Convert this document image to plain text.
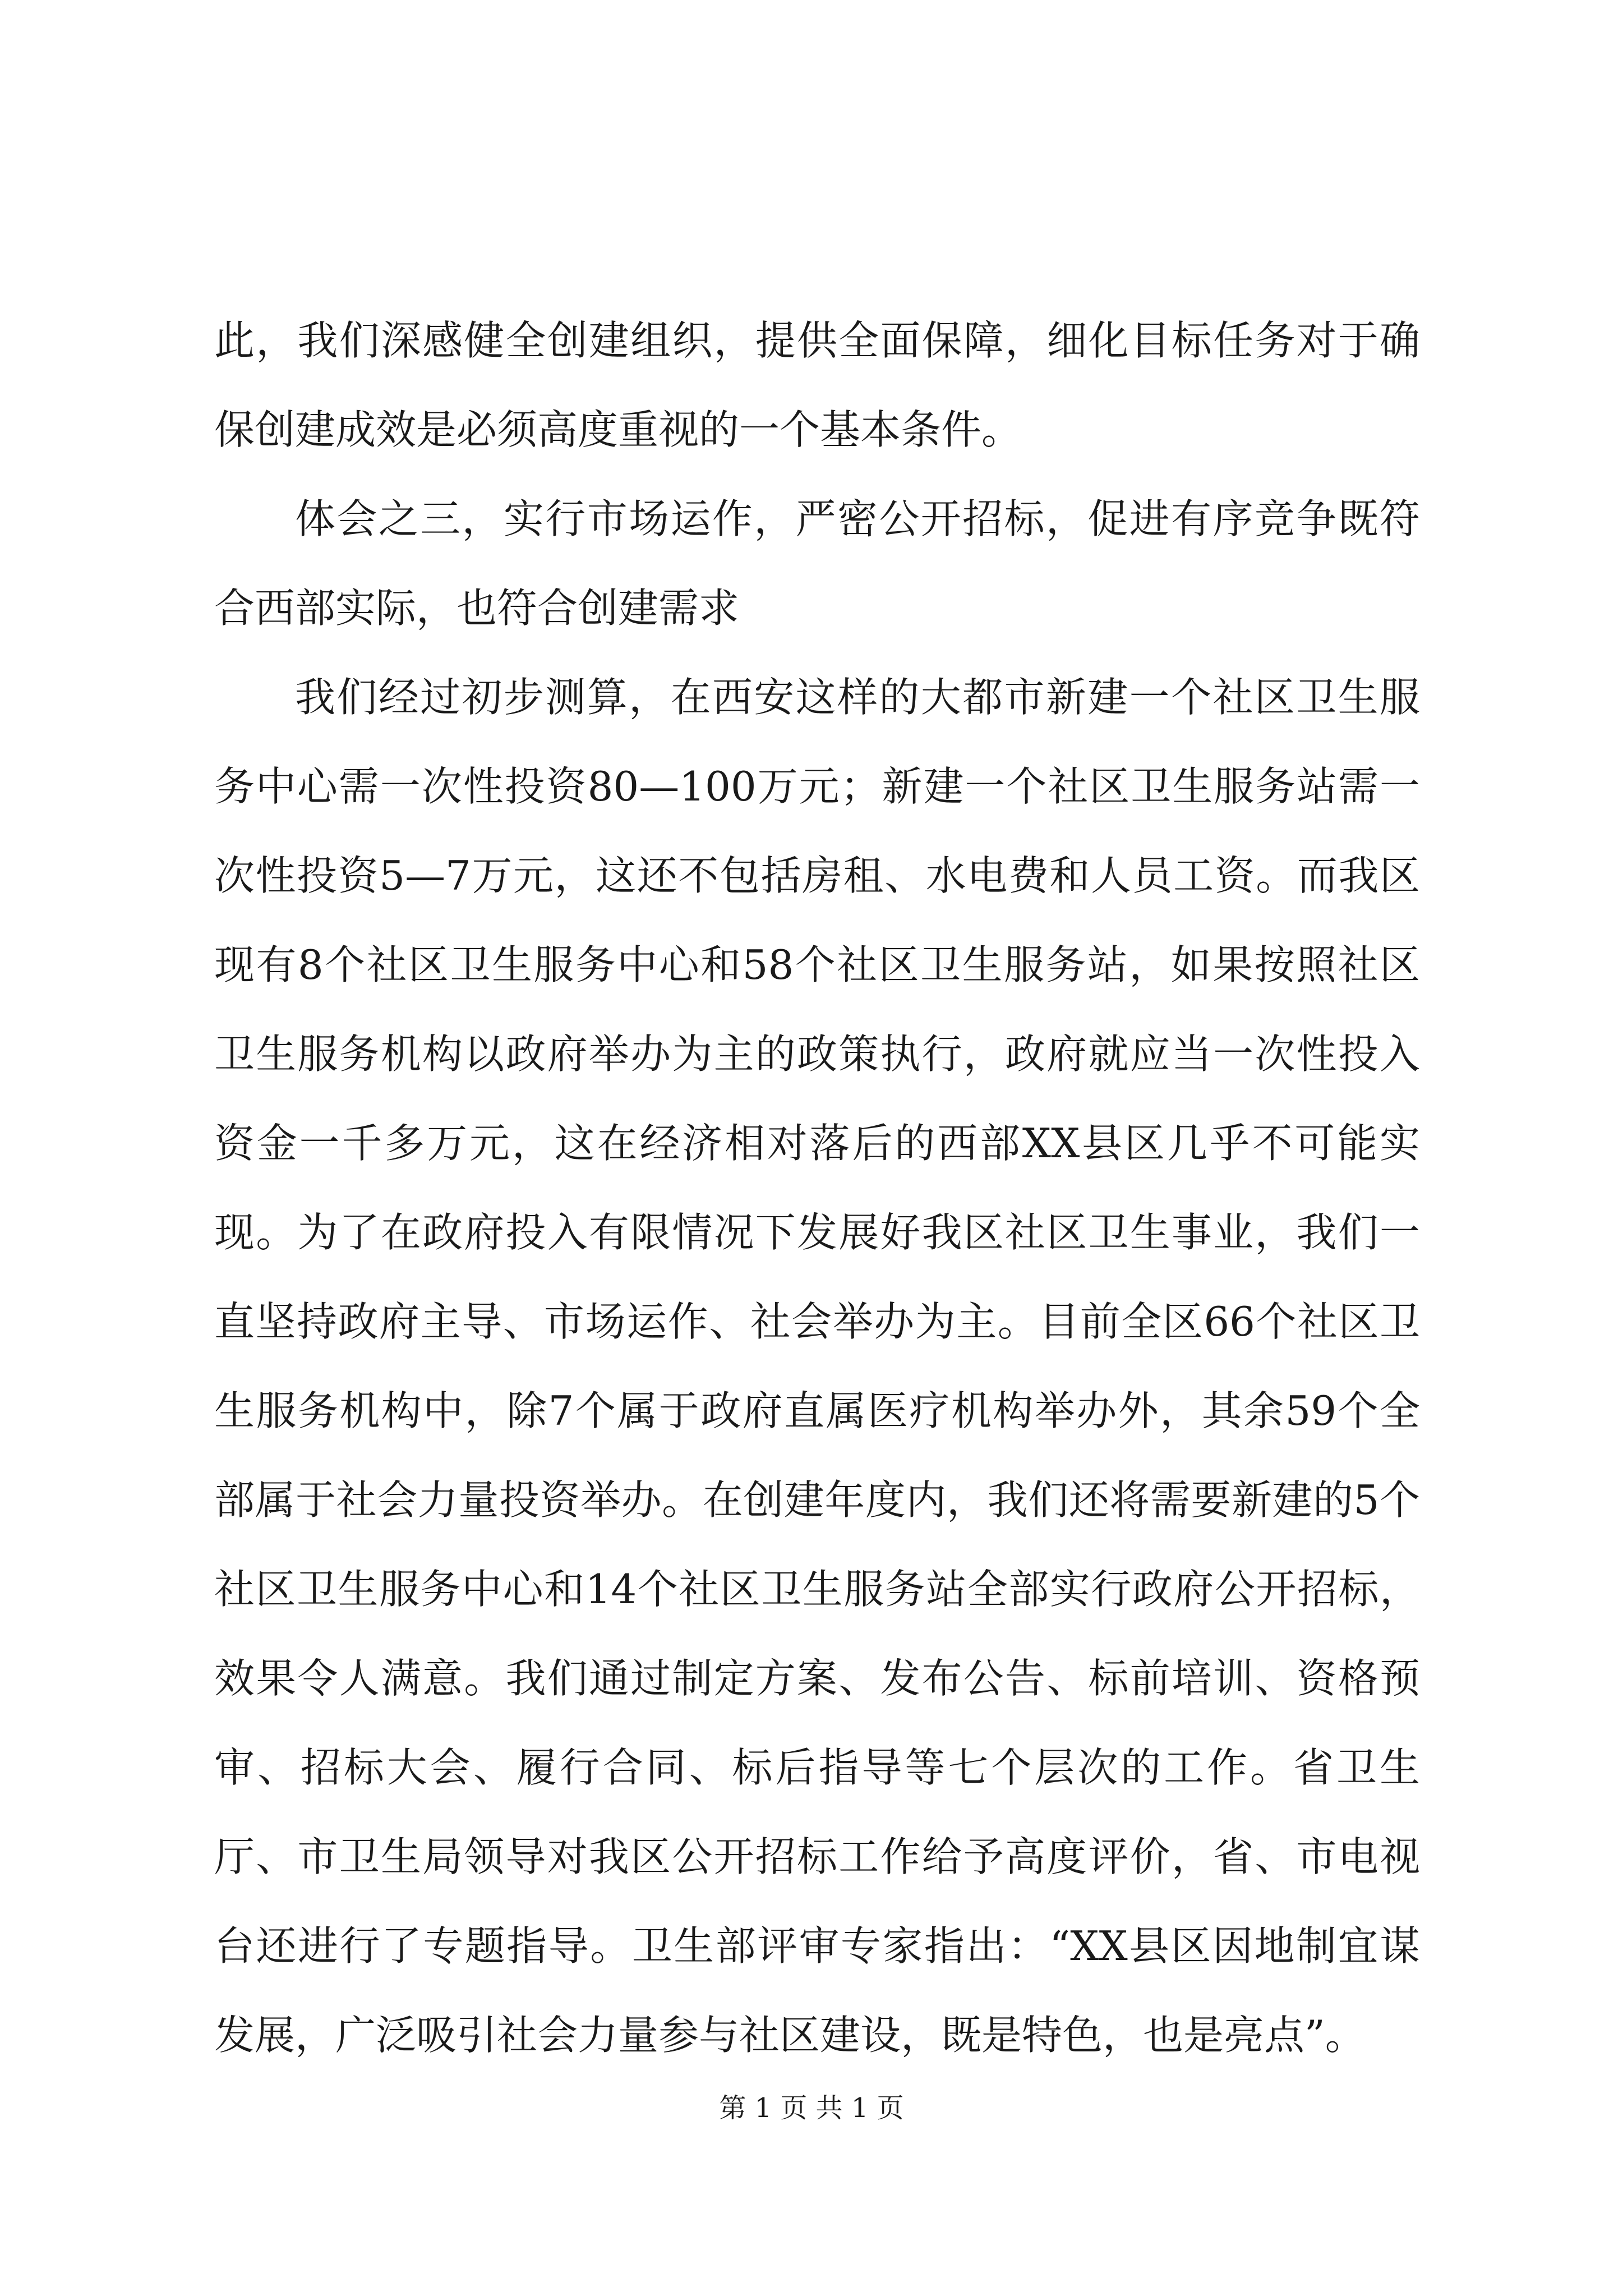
此，我们深感健全创建组织，提供全面保障，细化目标任务对于确保创建成效是必须高度重视的一个基本条件。

体会之三，实行市场运作，严密公开招标，促进有序竞争既符合西部实际，也符合创建需求

我们经过初步测算，在西安这样的大都市新建一个社区卫生服务中心需一次性投资80—100万元；新建一个社区卫生服务站需一次性投资5—7万元，这还不包括房租、水电费和人员工资。而我区现有8个社区卫生服务中心和58个社区卫生服务站，如果按照社区卫生服务机构以政府举办为主的政策执行，政府就应当一次性投入资金一千多万元，这在经济相对落后的西部XX县区几乎不可能实现。为了在政府投入有限情况下发展好我区社区卫生事业，我们一直坚持政府主导、市场运作、社会举办为主。目前全区66个社区卫生服务机构中，除7个属于政府直属医疗机构举办外，其余59个全部属于社会力量投资举办。在创建年度内，我们还将需要新建的5个社区卫生服务中心和14个社区卫生服务站全部实行政府公开招标，效果令人满意。我们通过制定方案、发布公告、标前培训、资格预审、招标大会、履行合同、标后指导等七个层次的工作。省卫生厅、市卫生局领导对我区公开招标工作给予高度评价，省、市电视台还进行了专题指导。卫生部评审专家指出：“XX县区因地制宜谋发展，广泛吸引社会力量参与社区建设，既是特色，也是亮点”。

第 1 页 共 1 页
